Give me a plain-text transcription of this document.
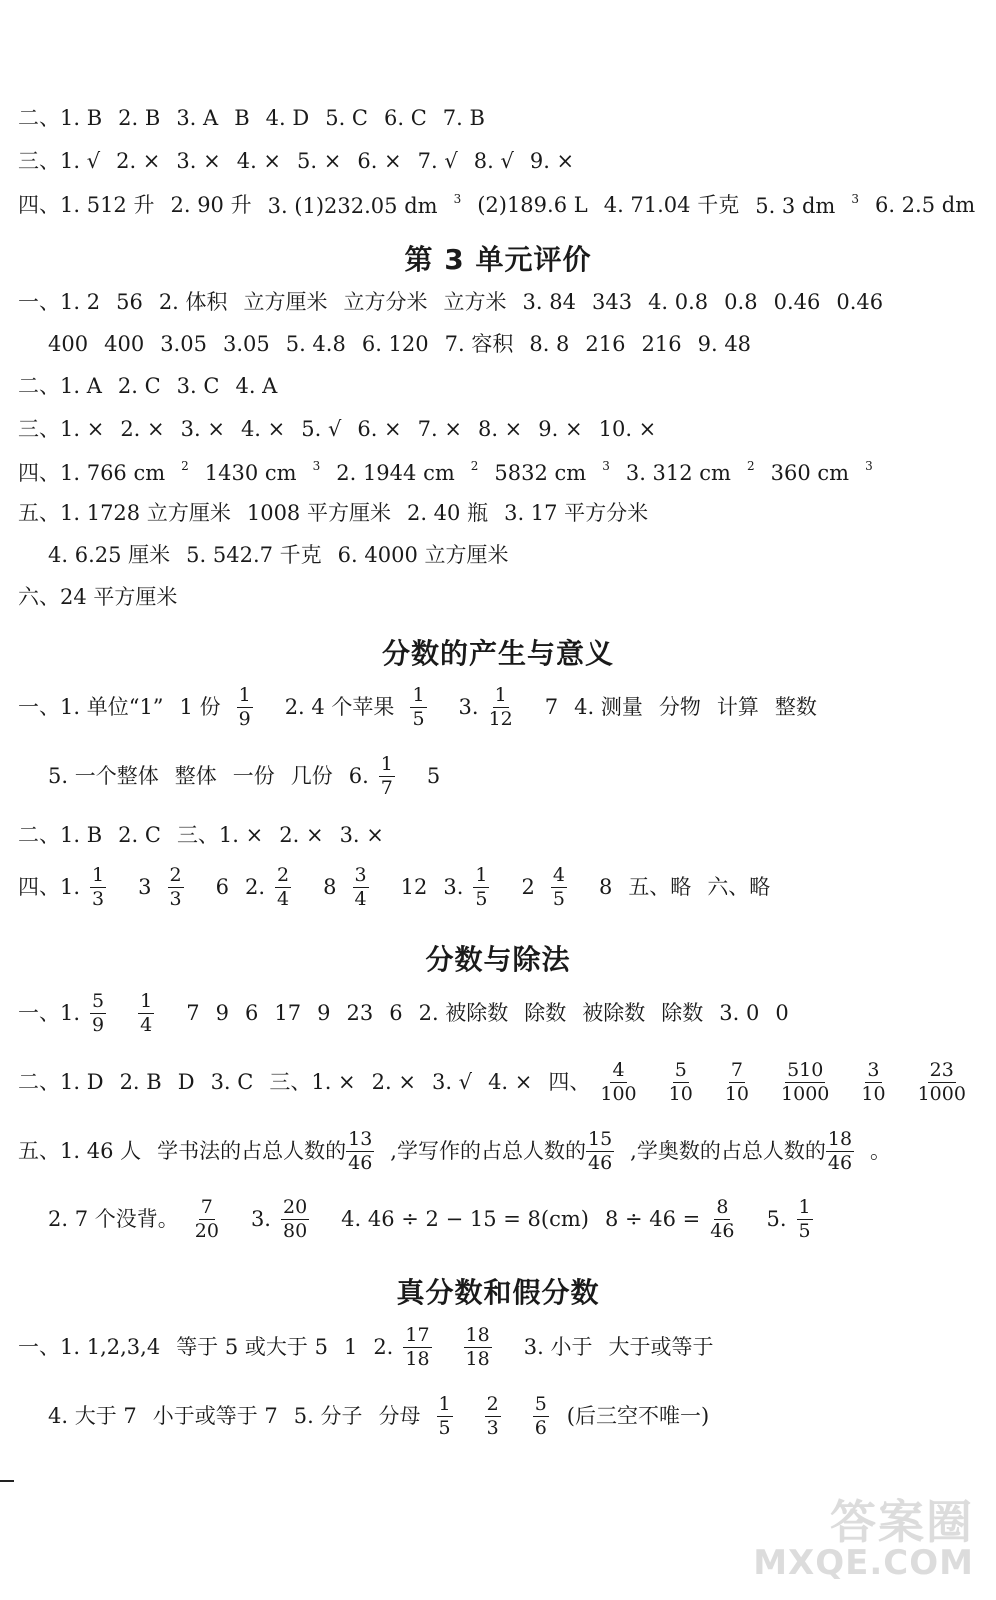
二、1. B 2. B 3. A B 4. D 5. C 6. C 7. B
三、1. √ 2. × 3. × 4. × 5. × 6. × 7. √ 8. √ 9. ×
四、1. 512 升 2. 90 升 3. (1)232.05 dm $^3$ (2)189.6 L 4. 71.04 千克 5. 3 dm $^3$ 6. 2.5 dm
第 3 单元评价
一、1. 2 56 2. 体积 立方厘米 立方分米 立方米 3. 84 343 4. 0.8 0.8 0.46 0.46
400 400 3.05 3.05 5. 4.8 6. 120 7. 容积 8. 8 216 216 9. 48
二、1. A 2. C 3. C 4. A
三、1. × 2. × 3. × 4. × 5. √ 6. × 7. × 8. × 9. × 10. ×
四、1. 766 cm $^2$ 1430 cm $^3$ 2. 1944 cm $^2$ 5832 cm $^3$ 3. 312 cm $^2$ 360 cm $^3$
五、1. 1728 立方厘米 1008 平方厘米 2. 40 瓶 3. 17 平方分米
4. 6.25 厘米 5. 542.7 千克 6. 4000 立方厘米
六、24 平方厘米
分数的产生与意义
一、1. 单位“1” 1 份 $\frac{1}{9} 2$. 4 个苹果 $\frac{1}{5} 3$. $\frac{1}{12} 7$ 4. 测量 分物 计算 整数
5. 一个整体 整体 一份 几份 6. $\frac{1}{7} 5$
二、1. B 2. C 三、1. × 2. × 3. ×
四、1. $\frac{1}{3} 3 \frac{2}{3} 6$ 2. $\frac{2}{4} 8 \frac{3}{4} 12$ 3. $\frac{1}{5} 2 \frac{4}{5} 8$ 五、略 六、略
分数与除法
一、1. $\frac{5}{9} \frac{1}{4} 7$ 9 6 17 9 23 6 2. 被除数 除数 被除数 除数 3. 0 0
二、1. D 2. B D 3. C 三、1. × 2. × 3. √ 4. × 四、 $\frac{4}{100} \frac{5}{10} \frac{7}{10} \frac{510}{1000} \frac{3}{10} \frac{23}{1000}$
五、1. 46 人 学书法的占总人数的 $\frac{13}{46}$ ,学写作的占总人数的 $\frac{15}{46}$ ,学奥数的占总人数的 $\frac{18}{46}$ 。
2. 7 个没背。 $\frac{7}{20} 3$. $\frac{20}{80} 4$. 46 ÷ 2 − 15 = 8(cm) $8 \div 46 = \frac{8}{46} 5$. $\frac{1}{5}$
真分数和假分数
一、1. 1,2,3,4 等于 5 或大于 5 1 2. $\frac{17}{18} \frac{18}{18} 3$. 小于 大于或等于
4. 大于 7 小于或等于 7 5. 分子 分母 $\frac{1}{5} \frac{2}{3} \frac{5}{6}$ (后三空不唯一)
答案圈
MXQE.COM
